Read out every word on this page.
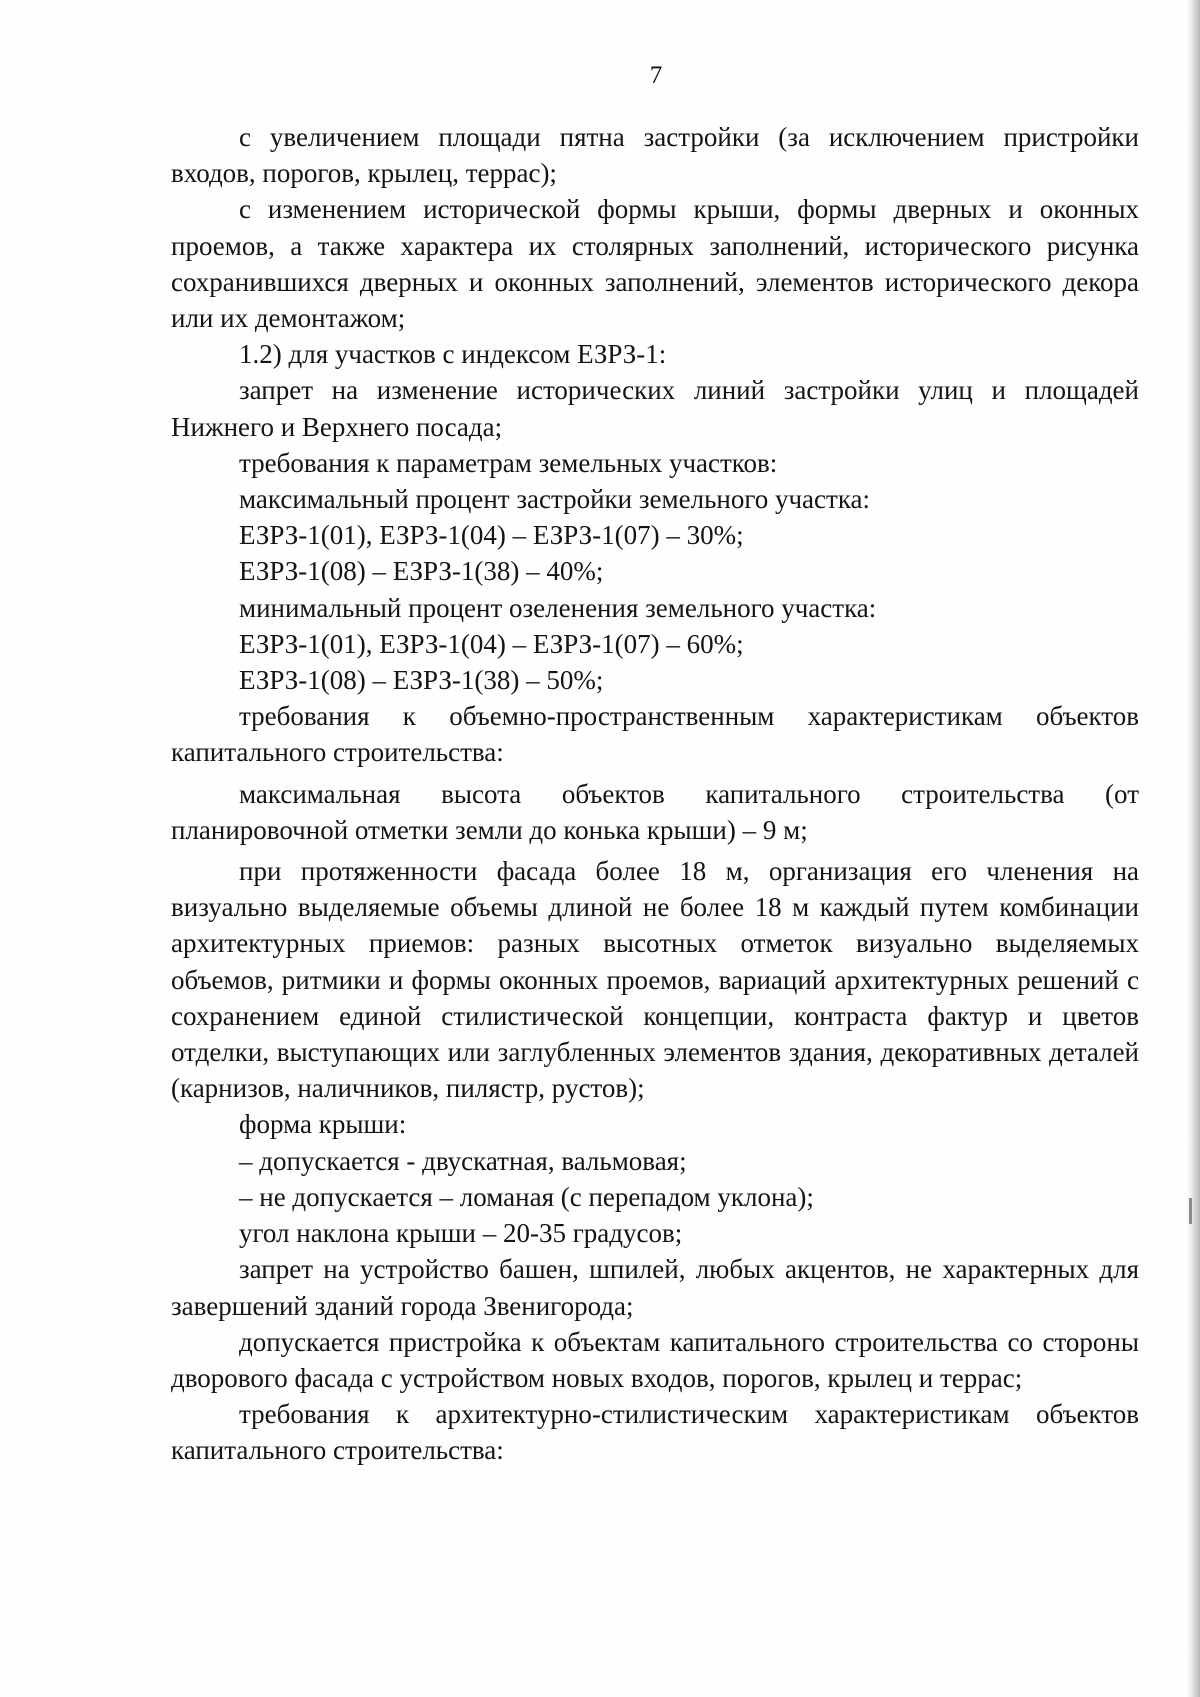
7

с увеличением площади пятна застройки (за исключением пристройки входов, порогов, крылец, террас);

с изменением исторической формы крыши, формы дверных и оконных проемов, а также характера их столярных заполнений, исторического рисунка сохранившихся дверных и оконных заполнений, элементов исторического декора или их демонтажом;

1.2) для участков с индексом ЕЗРЗ-1:

запрет на изменение исторических линий застройки улиц и площадей Нижнего и Верхнего посада;

требования к параметрам земельных участков:

максимальный процент застройки земельного участка:

ЕЗРЗ-1(01), ЕЗРЗ-1(04) – ЕЗРЗ-1(07) – 30%;

ЕЗРЗ-1(08) – ЕЗРЗ-1(38) – 40%;

минимальный процент озеленения земельного участка:

ЕЗРЗ-1(01), ЕЗРЗ-1(04) – ЕЗРЗ-1(07) – 60%;

ЕЗРЗ-1(08) – ЕЗРЗ-1(38) – 50%;

требования к объемно-пространственным характеристикам объектов капитального строительства:

максимальная высота объектов капитального строительства (от планировочной отметки земли до конька крыши) – 9 м;

при протяженности фасада более 18 м, организация его членения на визуально выделяемые объемы длиной не более 18 м каждый путем комбинации архитектурных приемов: разных высотных отметок визуально выделяемых объемов, ритмики и формы оконных проемов, вариаций архитектурных решений с сохранением единой стилистической концепции, контраста фактур и цветов отделки, выступающих или заглубленных элементов здания, декоративных деталей (карнизов, наличников, пилястр, рустов);

форма крыши:

– допускается - двускатная, вальмовая;

– не допускается – ломаная (с перепадом уклона);

угол наклона крыши – 20-35 градусов;

запрет на устройство башен, шпилей, любых акцентов, не характерных для завершений зданий города Звенигорода;

допускается пристройка к объектам капитального строительства со стороны дворового фасада с устройством новых входов, порогов, крылец и террас;

требования к архитектурно-стилистическим характеристикам объектов капитального строительства:
